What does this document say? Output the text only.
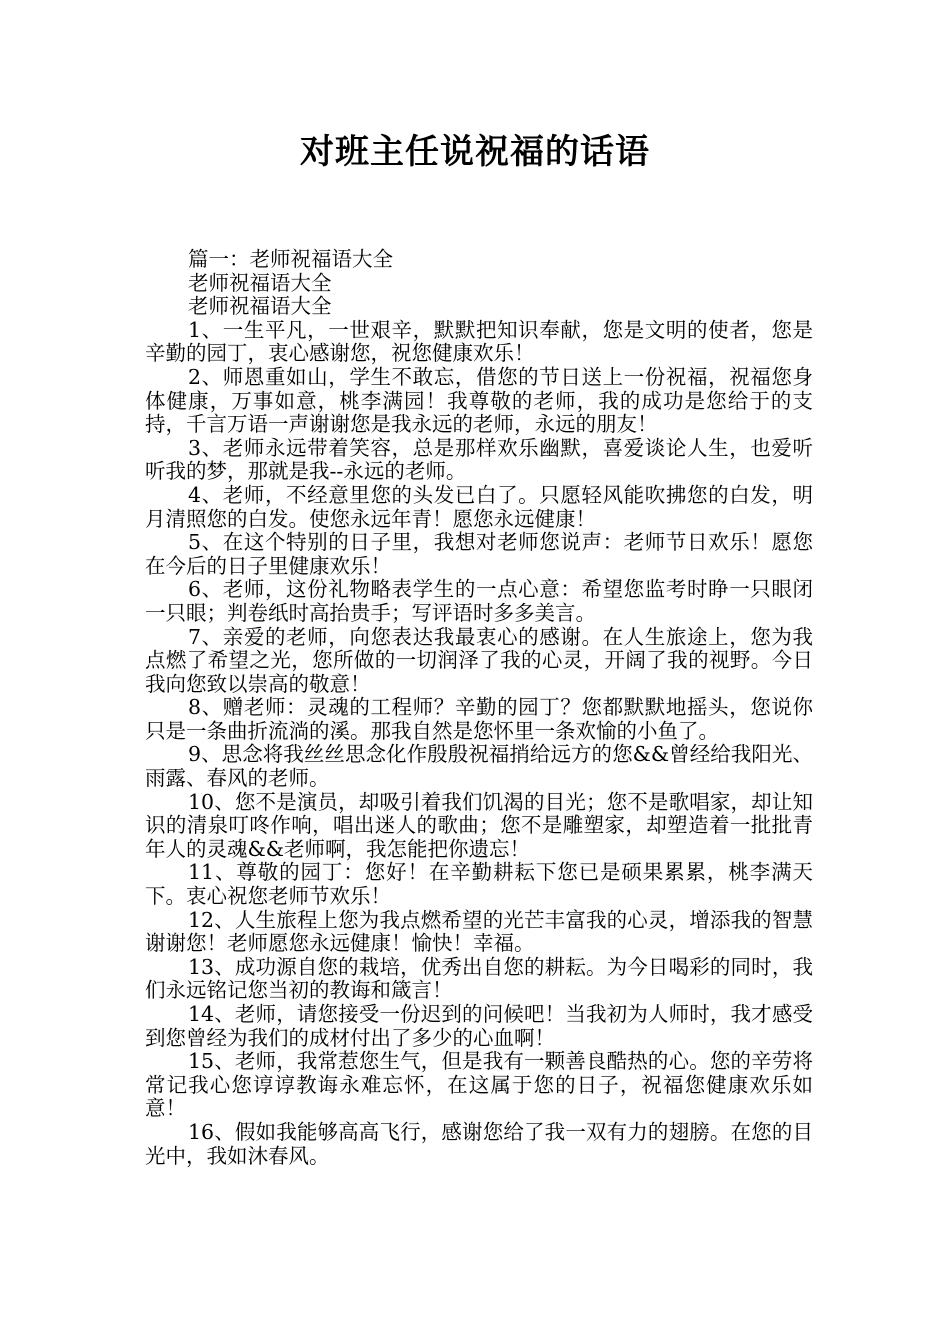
对班主任说祝福的话语

篇一：老师祝福语大全

老师祝福语大全

老师祝福语大全

1、一生平凡，一世艰辛，默默把知识奉献，您是文明的使者，您是辛勤的园丁，衷心感谢您，祝您健康欢乐！

2、师恩重如山，学生不敢忘，借您的节日送上一份祝福，祝福您身体健康，万事如意，桃李满园！我尊敬的老师，我的成功是您给于的支持，千言万语一声谢谢您是我永远的老师，永远的朋友！

3、老师永远带着笑容，总是那样欢乐幽默，喜爱谈论人生，也爱听听我的梦，那就是我--永远的老师。

4、老师，不经意里您的头发已白了。只愿轻风能吹拂您的白发，明月清照您的白发。使您永远年青！愿您永远健康！

5、在这个特别的日子里，我想对老师您说声：老师节日欢乐！愿您在今后的日子里健康欢乐！

6、老师，这份礼物略表学生的一点心意：希望您监考时睁一只眼闭一只眼；判卷纸时高抬贵手；写评语时多多美言。

7、亲爱的老师，向您表达我最衷心的感谢。在人生旅途上，您为我点燃了希望之光，您所做的一切润泽了我的心灵，开阔了我的视野。今日我向您致以崇高的敬意！

8、赠老师：灵魂的工程师？辛勤的园丁？您都默默地摇头，您说你只是一条曲折流淌的溪。那我自然是您怀里一条欢愉的小鱼了。

9、思念将我丝丝思念化作殷殷祝福捎给远方的您&&曾经给我阳光、雨露、春风的老师。

10、您不是演员，却吸引着我们饥渴的目光；您不是歌唱家，却让知识的清泉叮咚作响，唱出迷人的歌曲；您不是雕塑家，却塑造着一批批青年人的灵魂&&老师啊，我怎能把你遗忘！

11、尊敬的园丁：您好！在辛勤耕耘下您已是硕果累累，桃李满天下。衷心祝您老师节欢乐！

12、人生旅程上您为我点燃希望的光芒丰富我的心灵，增添我的智慧谢谢您！老师愿您永远健康！愉快！幸福。

13、成功源自您的栽培，优秀出自您的耕耘。为今日喝彩的同时，我们永远铭记您当初的教诲和箴言！

14、老师，请您接受一份迟到的问候吧！当我初为人师时，我才感受到您曾经为我们的成材付出了多少的心血啊！

15、老师，我常惹您生气，但是我有一颗善良酷热的心。您的辛劳将常记我心您谆谆教诲永难忘怀，在这属于您的日子，祝福您健康欢乐如意！

16、假如我能够高高飞行，感谢您给了我一双有力的翅膀。在您的目光中，我如沐春风。
